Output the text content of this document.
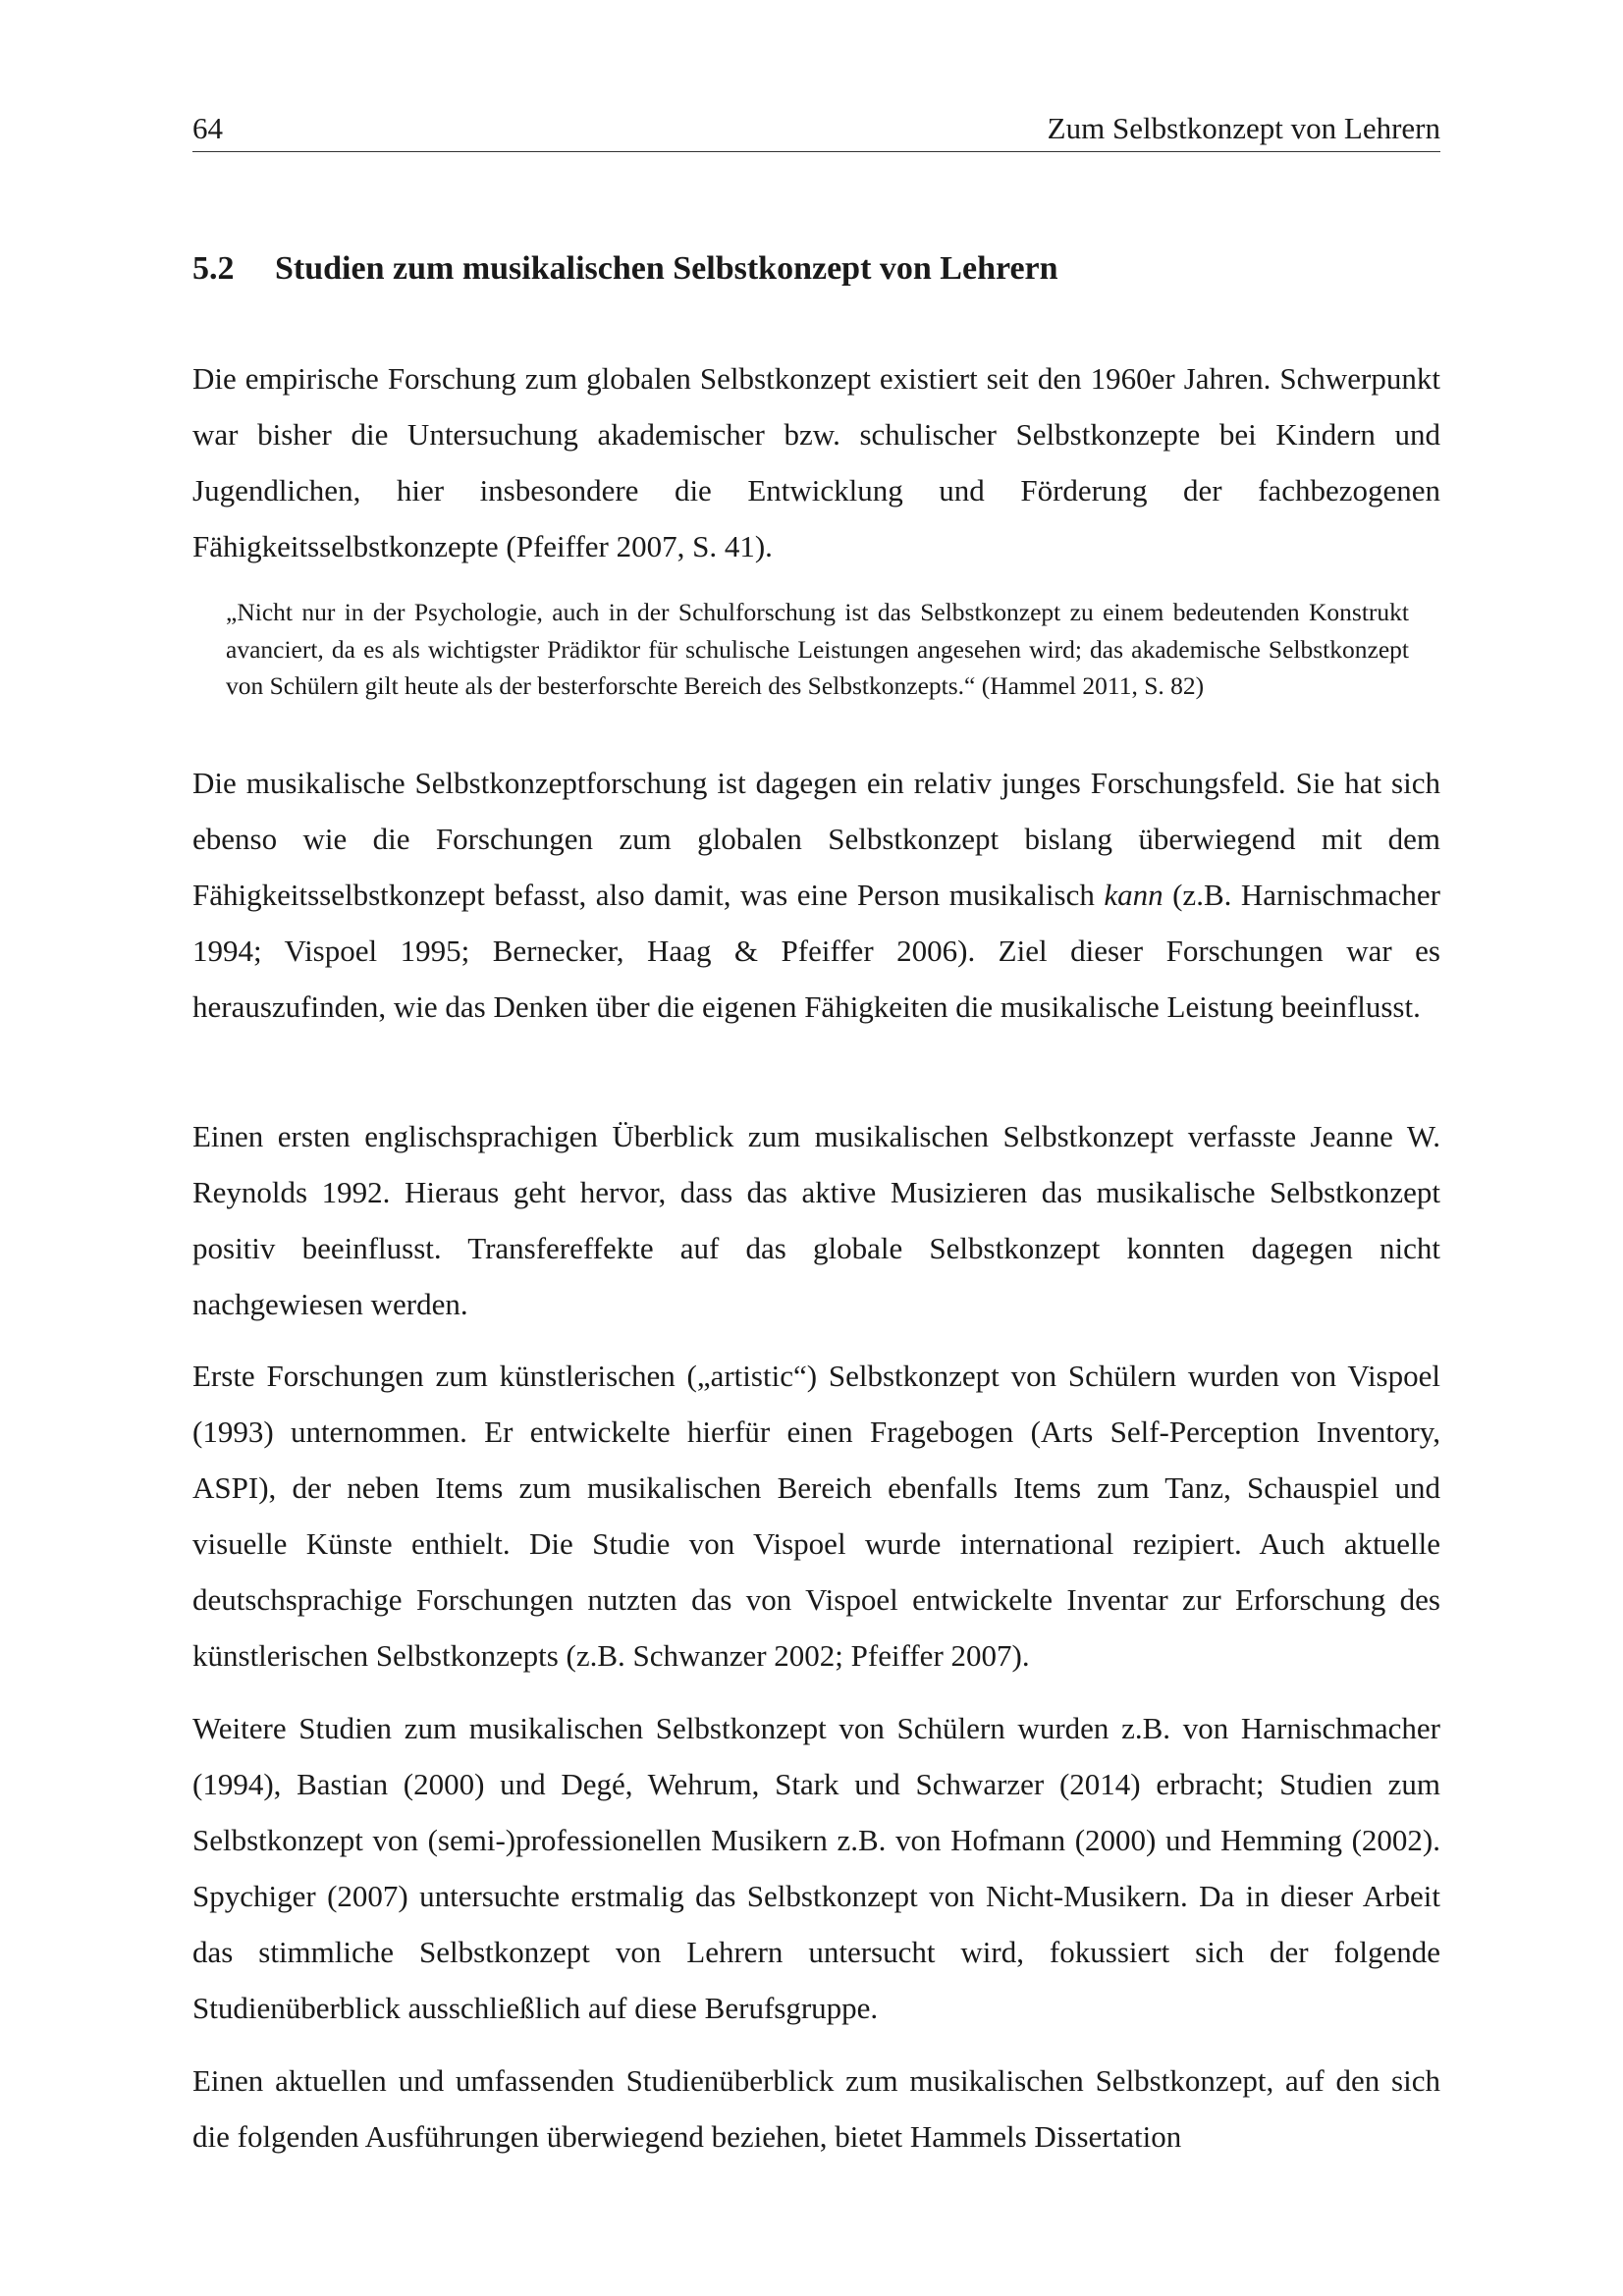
64	Zum Selbstkonzept von Lehrern
5.2 Studien zum musikalischen Selbstkonzept von Lehrern

Die empirische Forschung zum globalen Selbstkonzept existiert seit den 1960er Jahren. Schwerpunkt war bisher die Untersuchung akademischer bzw. schulischer Selbstkonzepte bei Kindern und Jugendlichen, hier insbesondere die Entwicklung und Förderung der fachbezogenen Fähigkeitsselbstkonzepte (Pfeiffer 2007, S. 41).

„Nicht nur in der Psychologie, auch in der Schulforschung ist das Selbstkonzept zu einem bedeutenden Konstrukt avanciert, da es als wichtigster Prädiktor für schulische Leistungen angesehen wird; das akademische Selbstkonzept von Schülern gilt heute als der besterforschte Bereich des Selbstkonzepts.“ (Hammel 2011, S. 82)

Die musikalische Selbstkonzeptforschung ist dagegen ein relativ junges Forschungsfeld. Sie hat sich ebenso wie die Forschungen zum globalen Selbstkonzept bislang überwiegend mit dem Fähigkeitsselbstkonzept befasst, also damit, was eine Person musikalisch kann (z.B. Harnischmacher 1994; Vispoel 1995; Bernecker, Haag & Pfeiffer 2006). Ziel dieser Forschungen war es herauszufinden, wie das Denken über die eigenen Fähigkeiten die musikalische Leistung beeinflusst.

Einen ersten englischsprachigen Überblick zum musikalischen Selbstkonzept verfasste Jeanne W. Reynolds 1992. Hieraus geht hervor, dass das aktive Musizieren das musikalische Selbstkonzept positiv beeinflusst. Transfereffekte auf das globale Selbstkonzept konnten dagegen nicht nachgewiesen werden.

Erste Forschungen zum künstlerischen („artistic“) Selbstkonzept von Schülern wurden von Vispoel (1993) unternommen. Er entwickelte hierfür einen Fragebogen (Arts Self-Perception Inventory, ASPI), der neben Items zum musikalischen Bereich ebenfalls Items zum Tanz, Schauspiel und visuelle Künste enthielt. Die Studie von Vispoel wurde international rezipiert. Auch aktuelle deutschsprachige Forschungen nutzten das von Vispoel entwickelte Inventar zur Erforschung des künstlerischen Selbstkonzepts (z.B. Schwanzer 2002; Pfeiffer 2007).

Weitere Studien zum musikalischen Selbstkonzept von Schülern wurden z.B. von Harnischmacher (1994), Bastian (2000) und Degé, Wehrum, Stark und Schwarzer (2014) erbracht; Studien zum Selbstkonzept von (semi-)professionellen Musikern z.B. von Hofmann (2000) und Hemming (2002). Spychiger (2007) untersuchte erstmalig das Selbstkonzept von Nicht-Musikern. Da in dieser Arbeit das stimmliche Selbstkonzept von Lehrern untersucht wird, fokussiert sich der folgende Studienüberblick ausschließlich auf diese Berufsgruppe.

Einen aktuellen und umfassenden Studienüberblick zum musikalischen Selbstkonzept, auf den sich die folgenden Ausführungen überwiegend beziehen, bietet Hammels Dissertation
